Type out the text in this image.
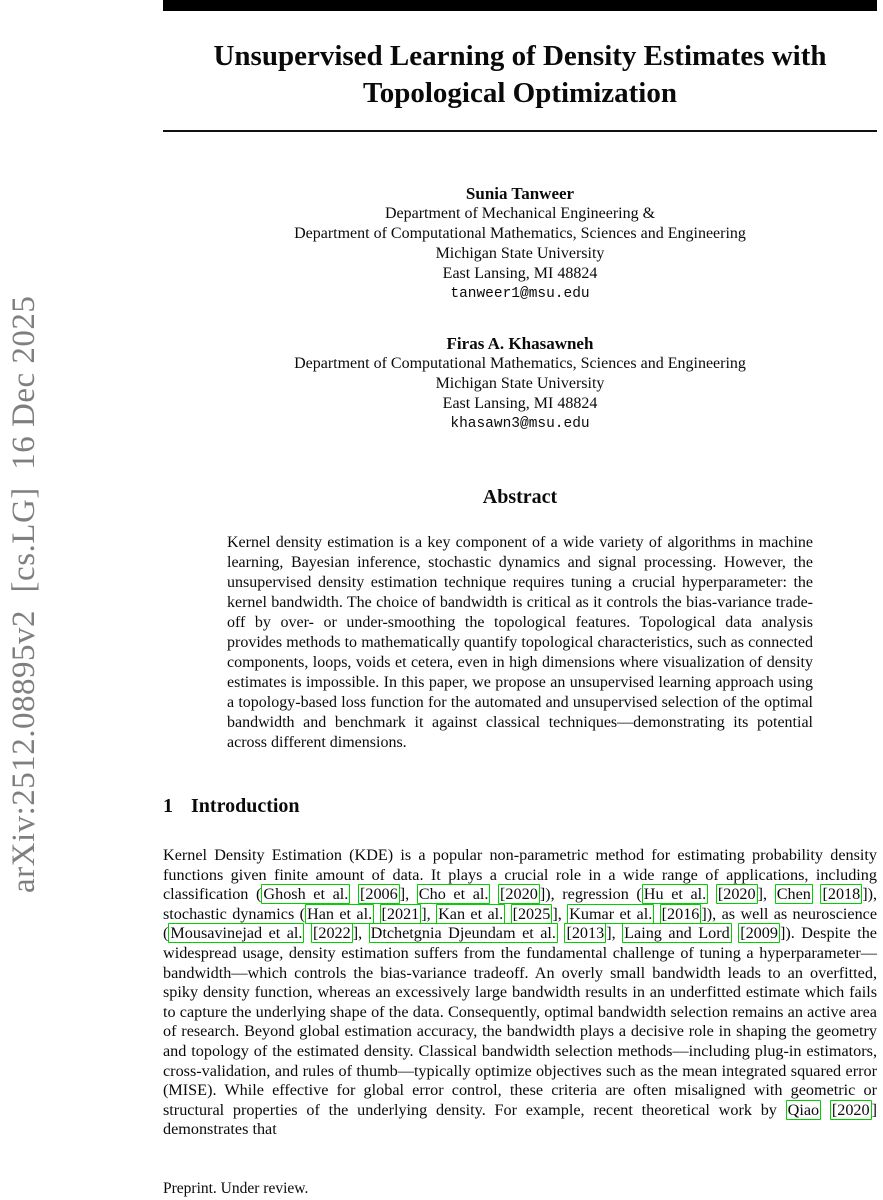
arXiv:2512.08895v2  [cs.LG]  16 Dec 2025
Unsupervised Learning of Density Estimates with Topological Optimization
Sunia Tanweer
Department of Mechanical Engineering &
Department of Computational Mathematics, Sciences and Engineering
Michigan State University
East Lansing, MI 48824
tanweer1@msu.edu
Firas A. Khasawneh
Department of Computational Mathematics, Sciences and Engineering
Michigan State University
East Lansing, MI 48824
khasawn3@msu.edu
Abstract
Kernel density estimation is a key component of a wide variety of algorithms in machine learning, Bayesian inference, stochastic dynamics and signal processing. However, the unsupervised density estimation technique requires tuning a crucial hyperparameter: the kernel bandwidth. The choice of bandwidth is critical as it controls the bias-variance trade-off by over- or under-smoothing the topological features. Topological data analysis provides methods to mathematically quantify topological characteristics, such as connected components, loops, voids et cetera, even in high dimensions where visualization of density estimates is impossible. In this paper, we propose an unsupervised learning approach using a topology-based loss function for the automated and unsupervised selection of the optimal bandwidth and benchmark it against classical techniques—demonstrating its potential across different dimensions.
1 Introduction
Kernel Density Estimation (KDE) is a popular non-parametric method for estimating probability density functions given finite amount of data. It plays a crucial role in a wide range of applications, including classification ( Ghosh et al. [2006 ], Cho et al. [2020 ]), regression ( Hu et al. [2020 ], Chen [2018 ]), stochastic dynamics ( Han et al. [2021 ], Kan et al. [2025 ], Kumar et al. [2016 ]), as well as neuroscience ( Mousavinejad et al. [2022 ], Dtchetgnia Djeundam et al. [2013 ], Laing and Lord [2009 ]). Despite the widespread usage, density estimation suffers from the fundamental challenge of tuning a hyperparameter—bandwidth—which controls the bias-variance tradeoff. An overly small bandwidth leads to an overfitted, spiky density function, whereas an excessively large bandwidth results in an underfitted estimate which fails to capture the underlying shape of the data. Consequently, optimal bandwidth selection remains an active area of research. Beyond global estimation accuracy, the bandwidth plays a decisive role in shaping the geometry and topology of the estimated density. Classical bandwidth selection methods—including plug-in estimators, cross-validation, and rules of thumb—typically optimize objectives such as the mean integrated squared error (MISE). While effective for global error control, these criteria are often misaligned with geometric or structural properties of the underlying density. For example, recent theoretical work by Qiao [2020 ] demonstrates that
Preprint. Under review.
